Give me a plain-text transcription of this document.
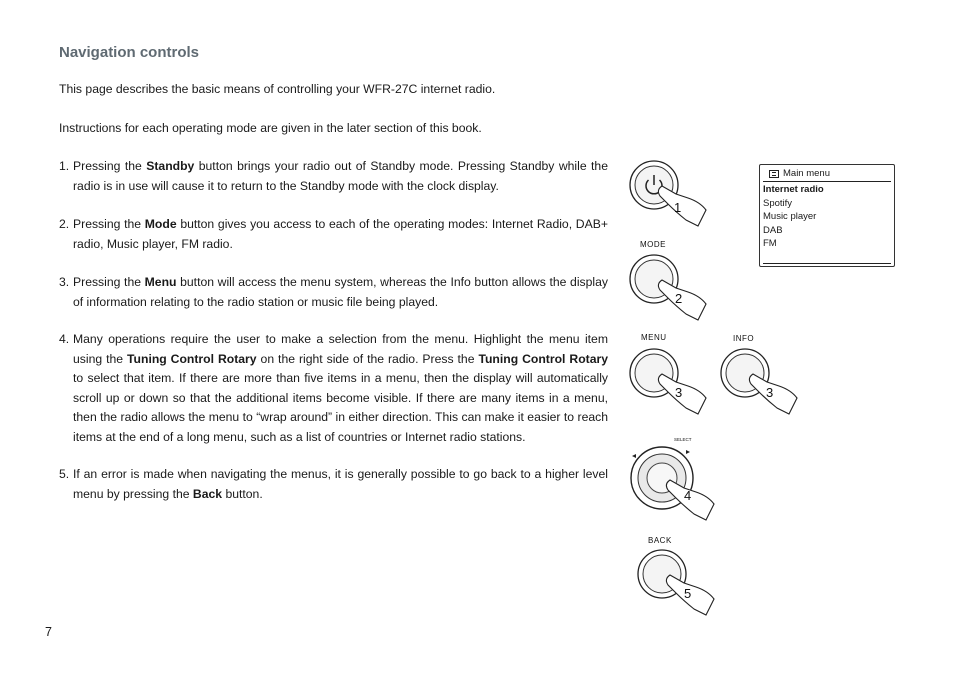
Navigation controls

This page describes the basic means of controlling your WFR-27C internet radio.

Instructions for each operating mode are given in the later section of this book.

1. Pressing the Standby button brings your radio out of Standby mode. Pressing Standby while the radio is in use will cause it to return to the Standby mode with the clock display.
2. Pressing the Mode button gives you access to each of the operating modes: Internet Radio, DAB+ radio, Music player, FM radio.
3. Pressing the Menu button will access the menu system, whereas the Info button allows the display of information relating to the radio station or music file being played.
4. Many operations require the user to make a selection from the menu. Highlight the menu item using the Tuning Control Rotary on the right side of the radio. Press the Tuning Control Rotary to select that item. If there are more than five items in a menu, then the display will automatically scroll up or down so that the additional items become visible. If there are many items in a menu, then the radio allows the menu to “wrap around” in either direction. This can make it easier to reach items at the end of a long menu, such as a list of countries or Internet radio stations.
5. If an error is made when navigating the menus, it is generally possible to go back to a higher level menu by pressing the Back button.
7
1
MODE
2
MENU
3
INFO
3
SELECT
4
BACK
5
Main menu
Internet radio
Spotify
Music player
DAB
FM
